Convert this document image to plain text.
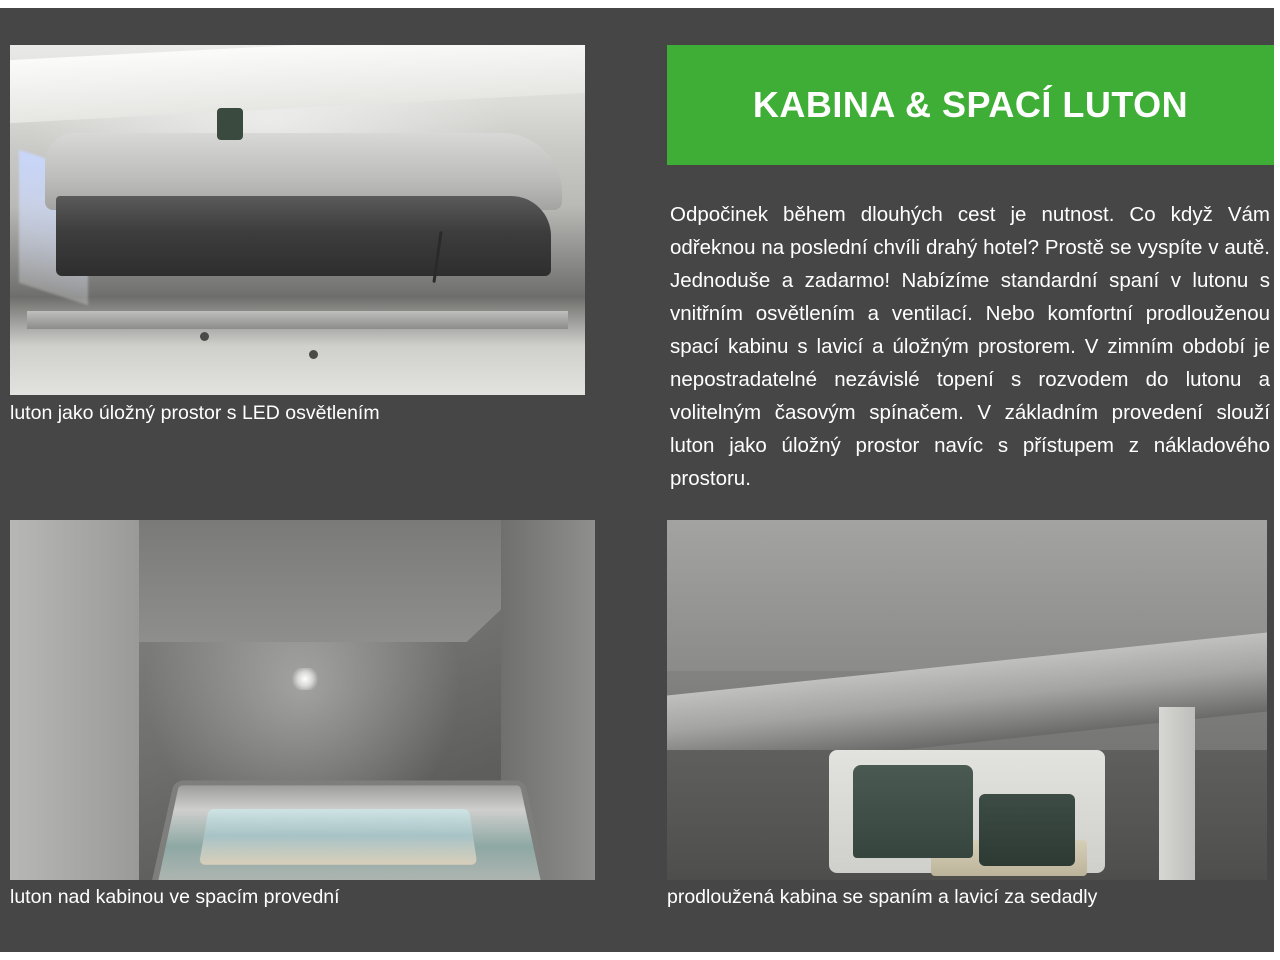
KABINA & SPACÍ LUTON
Odpočinek během dlouhých cest je nutnost. Co když Vám odřeknou na poslední chvíli drahý hotel? Prostě se vyspíte v autě. Jednoduše a zadarmo! Nabízíme standardní spaní v lutonu s vnitřním osvětlením a ventilací. Nebo komfortní prodlouženou spací kabinu s lavicí a úložným prostorem. V zimním období je nepostradatelné nezávislé topení s rozvodem do lutonu a volitelným časovým spínačem. V základním provedení slouží luton jako úložný prostor navíc s přístupem z nákladového prostoru.
luton jako úložný prostor s LED osvětlením
luton nad kabinou ve spacím provední	prodloužená kabina se spaním a lavicí za sedadly
